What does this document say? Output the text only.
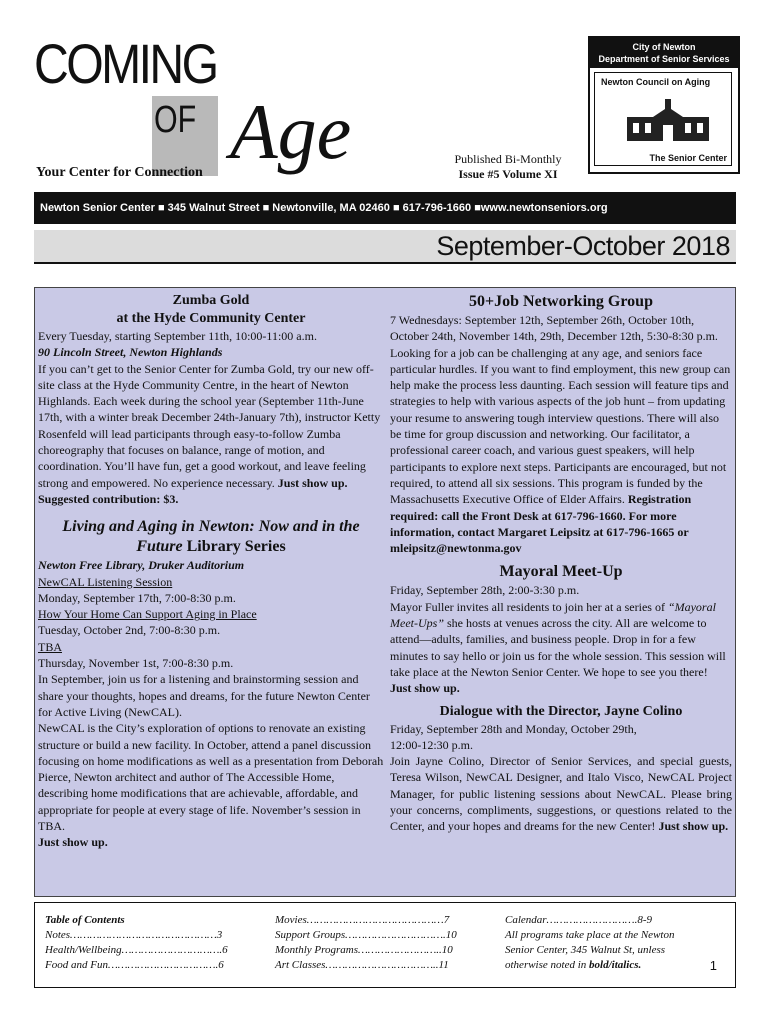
COMING
OF Age
Your Center for Connection
Published Bi-Monthly
Issue #5 Volume XI
City of Newton
Department of Senior Services
Newton Council on Aging
The Senior Center
Newton Senior Center ■ 345 Walnut Street ■ Newtonville, MA 02460 ■ 617-796-1660 ■www.newtonseniors.org
September-October 2018
Zumba Gold
at the Hyde Community Center

Every Tuesday, starting September 11th, 10:00-11:00 a.m.

90 Lincoln Street, Newton Highlands

If you can’t get to the Senior Center for Zumba Gold, try our new off-site class at the Hyde Community Centre, in the heart of Newton Highlands. Each week during the school year (September 11th-June 17th, with a winter break December 24th-January 7th), instructor Ketty Rosenfeld will lead participants through easy-to-follow Zumba choreography that focuses on balance, range of motion, and coordination. You’ll have fun, get a good workout, and leave feeling strong and empowered. No experience necessary. Just show up.

Suggested contribution: $3.

Living and Aging in Newton: Now and in the
Future Library Series

Newton Free Library, Druker Auditorium

NewCAL Listening Session

Monday, September 17th, 7:00-8:30 p.m.

How Your Home Can Support Aging in Place

Tuesday, October 2nd, 7:00-8:30 p.m.

TBA

Thursday, November 1st, 7:00-8:30 p.m.

In September, join us for a listening and brainstorming session and share your thoughts, hopes and dreams, for the future Newton Center for Active Living (NewCAL).

NewCAL is the City’s exploration of options to renovate an existing structure or build a new facility. In October, attend a panel discussion focusing on home modifications as well as a presentation from Deborah Pierce, Newton architect and author of The Accessible Home, describing home modifications that are achievable, affordable, and appropriate for people at every stage of life. November’s session in TBA.

Just show up.

50+Job Networking Group

7 Wednesdays: September 12th, September 26th, October 10th, October 24th, November 14th, 29th, December 12th, 5:30-8:30 p.m.

Looking for a job can be challenging at any age, and seniors face particular hurdles. If you want to find employment, this new group can help make the process less daunting. Each session will feature tips and strategies to help with various aspects of the job hunt – from updating your resume to answering tough interview questions. There will also be time for group discussion and networking. Our facilitator, a professional career coach, and various guest speakers, will help participants to explore next steps. Participants are encouraged, but not required, to attend all six sessions. This program is funded by the Massachusetts Executive Office of Elder Affairs. Registration required: call the Front Desk at 617-796-1660. For more information, contact Margaret Leipsitz at 617-796-1665 or mleipsitz@newtonma.gov

Mayoral Meet-Up

Friday, September 28th, 2:00-3:30 p.m.

Mayor Fuller invites all residents to join her at a series of “Mayoral Meet-Ups” she hosts at venues across the city. All are welcome to attend—adults, families, and business people. Drop in for a few minutes to say hello or join us for the whole session. This session will take place at the Newton Senior Center. We hope to see you there! Just show up.

Dialogue with the Director, Jayne Colino

Friday, September 28th and Monday, October 29th,

12:00-12:30 p.m.

Join Jayne Colino, Director of Senior Services, and special guests, Teresa Wilson, NewCAL Designer, and Italo Visco, NewCAL Project Manager, for public listening sessions about NewCAL. Please bring your concerns, compliments, suggestions, or questions related to the Center, and your hopes and dreams for the new Center! Just show up.

Table of Contents
Notes………………………………………3
Health/Wellbeing………………………….6
Food and Fun…………………………….6
Movies……………………………………7
Support Groups………………………….10
Monthly Programs……………………..10
Art Classes……………………………..11
Calendar……………………….8-9
All programs take place at the Newton
Senior Center, 345 Walnut St, unless
otherwise noted in bold/italics.	1
